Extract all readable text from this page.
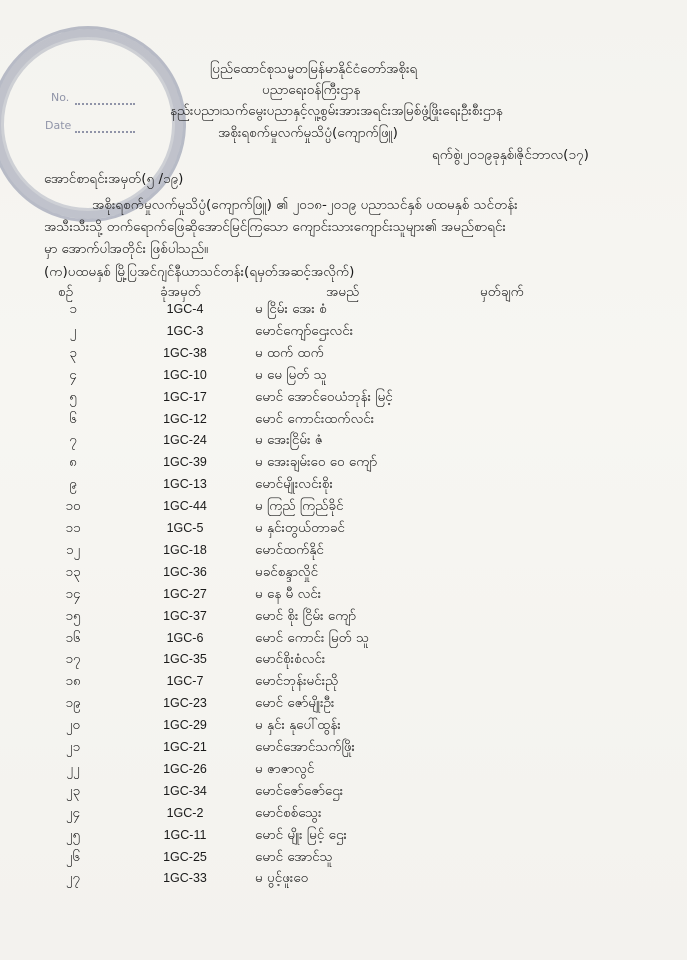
No.
Date
ပြည်ထောင်စုသမ္မတမြန်မာနိုင်ငံတော်အစိုးရ
ပညာရေးဝန်ကြီးဌာန
နည်းပညာ၊သက်မွေးပညာနှင့်လူ့စွမ်းအားအရင်းအမြစ်ဖွံ့ဖြိုးရေးဦးစီးဌာန
အစိုးရစက်မှုလက်မှုသိပ္ပံ(ကျောက်ဖြူ)
ရက်စွဲ၊၂၀၁၉ခုနှစ်၊ဇိုင်ဘာလ(၁၇)
အောင်စာရင်းအမှတ်(၅ /၁၉)
အစိုးရစက်မှုလက်မှုသိပ္ပံ(ကျောက်ဖြူ) ၏ ၂၀၁၈-၂၀၁၉ ပညာသင်နှစ် ပထမနှစ် သင်တန်း
အသီးသီးသို့ တက်ရောက်ဖြေဆိုအောင်မြင်ကြသော ကျောင်းသားကျောင်းသူများ၏ အမည်စာရင်း
မှာ အောက်ပါအတိုင်း ဖြစ်ပါသည်။
(က)ပထမနှစ် မြို့ပြအင်ဂျင်နီယာသင်တန်း(ရမှတ်အဆင့်အလိုက်)
စဉ်	ခုံအမှတ်	အမည်	မှတ်ချက်
၁	1GC-4	မ ငြိမ်း အေး စံ
၂	1GC-3	မောင်ကျော်ဌေးလင်း
၃	1GC-38	မ ထက် ထက်
၄	1GC-10	မ မေ မြတ် သူ
၅	1GC-17	မောင် အောင်ဝေယံဘုန်း မြင့်
၆	1GC-12	မောင် ကောင်းထက်လင်း
၇	1GC-24	မ အေးငြိမ်း ဇံ
၈	1GC-39	မ အေးချမ်းဝေ ဝေ ကျော်
၉	1GC-13	မောင်မျိုးလင်းစိုး
၁၀	1GC-44	မ ကြည် ကြည်ခိုင်
၁၁	1GC-5	မ နှင်းတွယ်တာခင်
၁၂	1GC-18	မောင်ထက်နိုင်
၁၃	1GC-36	မခင်စန္ဒာလှိုင်
၁၄	1GC-27	မ နေ မီ လင်း
၁၅	1GC-37	မောင် စိုး ငြိမ်း ကျော်
၁၆	1GC-6	မောင် ကောင်း မြတ် သူ
၁၇	1GC-35	မောင်စိုးစံလင်း
၁၈	1GC-7	မောင်ဘုန်းမင်းညို
၁၉	1GC-23	မောင် ဇော်မျိုးဦး
၂၀	1GC-29	မ နှင်း နုပေါ်ထွန်း
၂၁	1GC-21	မောင်အောင်သက်ဖြိုး
၂၂	1GC-26	မ ဇာဇာလွင်
၂၃	1GC-34	မောင်ဇော်ဇော်ဌေး
၂၄	1GC-2	မောင်စစ်သွေး
၂၅	1GC-11	မောင် မျိုး မြင့် ဌေး
၂၆	1GC-25	မောင် အောင်သူ
၂၇	1GC-33	မ ပွင့်ဖူးဝေ
